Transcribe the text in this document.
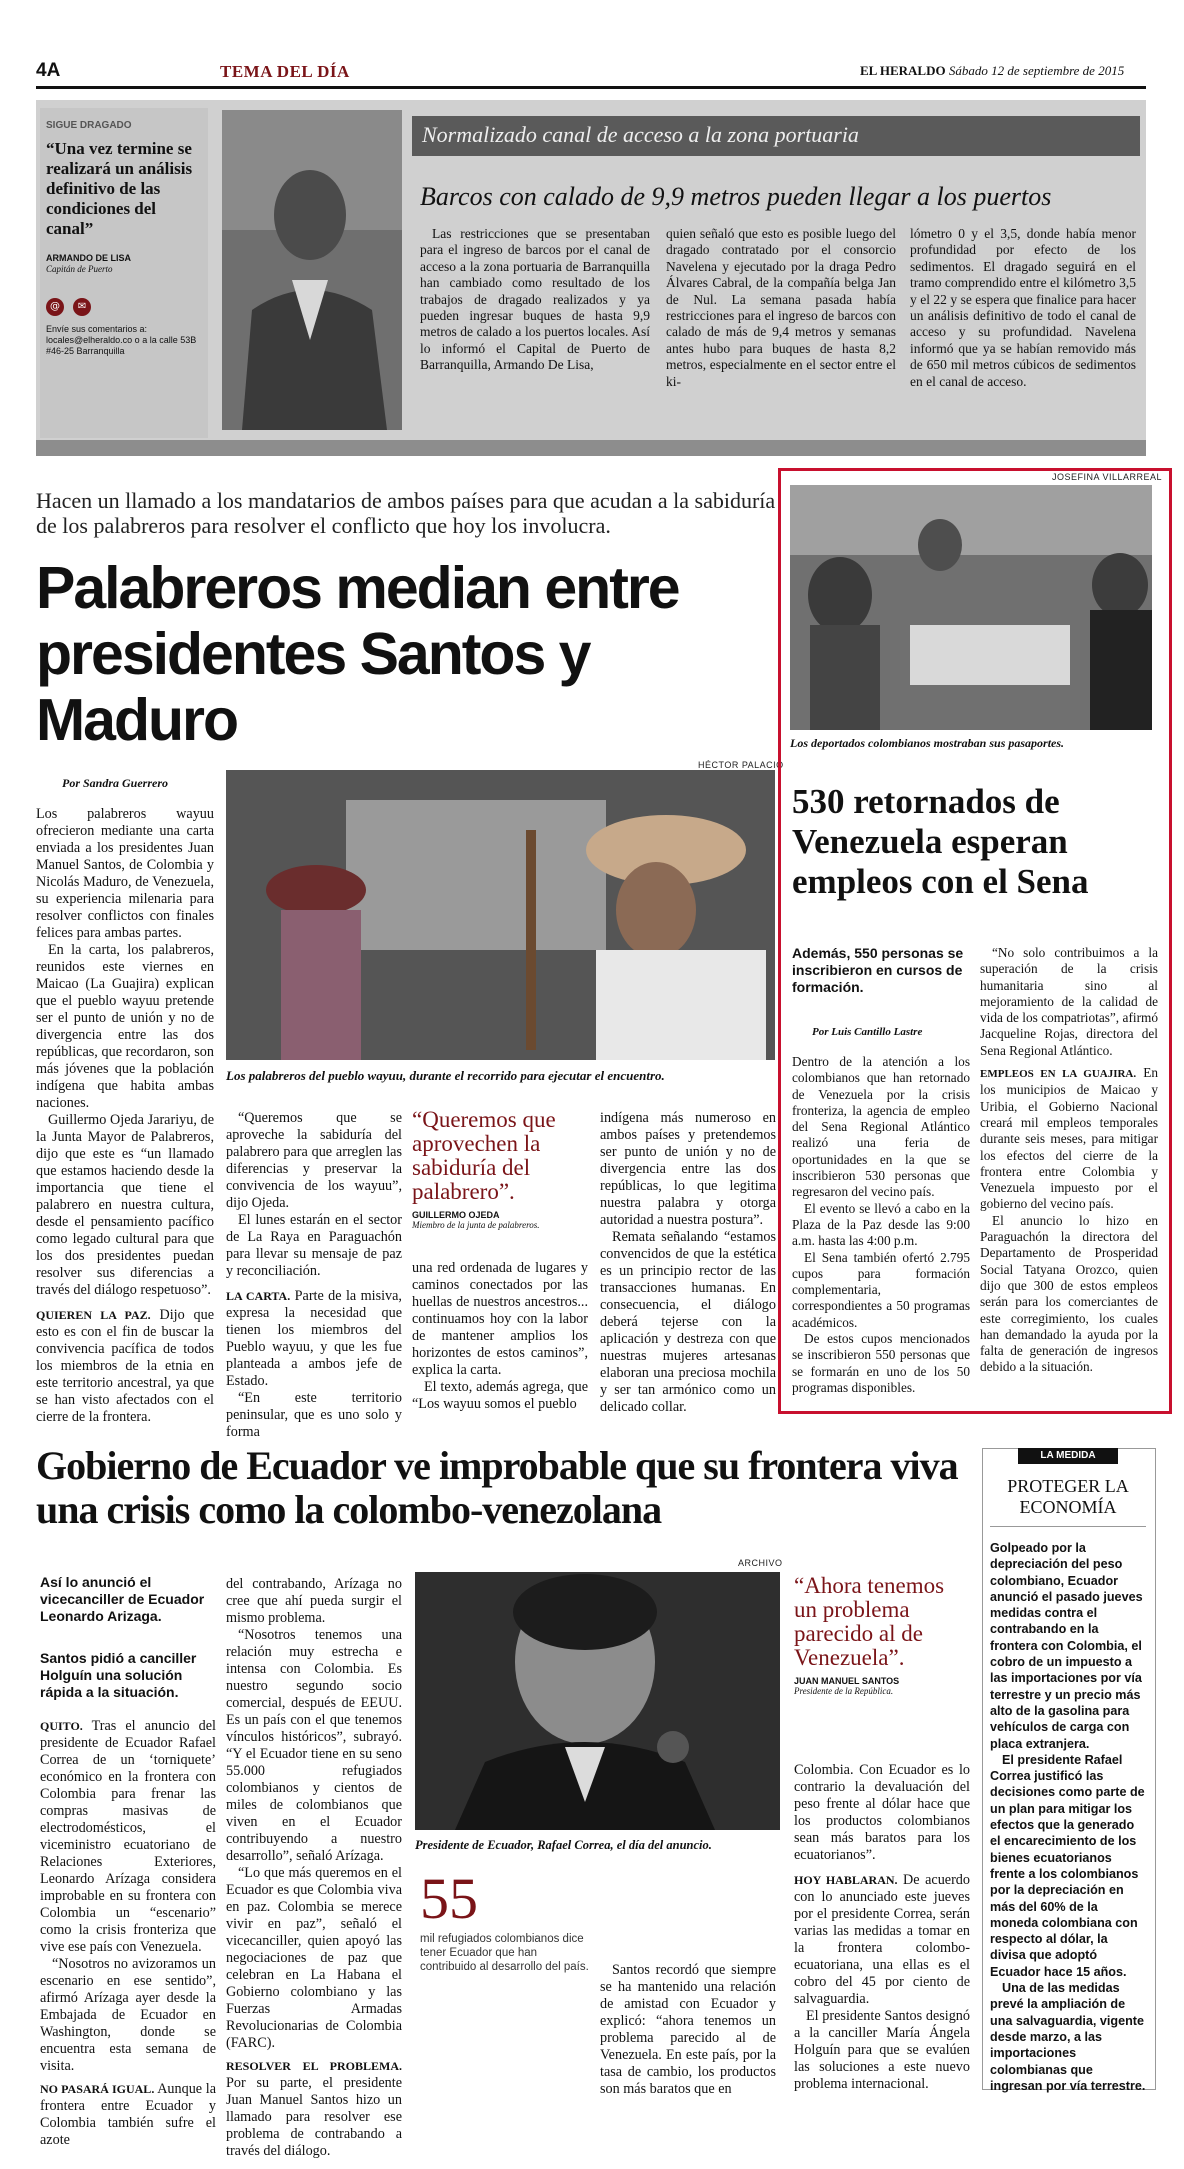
4A	TEMA DEL DÍA	EL HERALDO Sábado 12 de septiembre de 2015
SIGUE DRAGADO
“Una vez termine se realizará un análisis definitivo de las condiciones del canal”
ARMANDO DE LISA
Capitán de Puerto
@ ✉
Envíe sus comentarios a: locales@elheraldo.co o a la calle 53B #46-25 Barranquilla
Normalizado canal de acceso a la zona portuaria
Barcos con calado de 9,9 metros pueden llegar a los puertos

Las restricciones que se presentaban para el ingreso de barcos por el canal de acceso a la zona portuaria de Barranquilla han cambiado como resultado de los trabajos de dragado realizados y ya pueden ingresar buques de hasta 9,9 metros de calado a los puertos locales. Así lo informó el Capital de Puerto de Barranquilla, Armando De Lisa,

quien señaló que esto es posible luego del dragado contratado por el consorcio Navelena y ejecutado por la draga Pedro Álvares Cabral, de la compañía belga Jan de Nul. La semana pasada había restricciones para el ingreso de barcos con calado de más de 9,4 metros y semanas antes hubo para buques de hasta 8,2 metros, especialmente en el sector entre el ki-

lómetro 0 y el 3,5, donde había menor profundidad por efecto de los sedimentos. El dragado seguirá en el tramo comprendido entre el kilómetro 3,5 y el 22 y se espera que finalice para hacer un análisis definitivo de todo el canal de acceso y su profundidad. Navelena informó que ya se habían removido más de 650 mil metros cúbicos de sedimentos en el canal de acceso.

Hacen un llamado a los mandatarios de ambos países para que acudan a la sabiduría de los palabreros para resolver el conflicto que hoy los involucra.
Palabreros median entre presidentes Santos y Maduro
Por Sandra Guerrero
HÉCTOR PALACIO
Los palabreros del pueblo wayuu, durante el recorrido para ejecutar el encuentro.

Los palabreros wayuu ofrecieron mediante una carta enviada a los presidentes Juan Manuel Santos, de Colombia y Nicolás Maduro, de Venezuela, su experiencia milenaria para resolver conflictos con finales felices para ambas partes.

En la carta, los palabreros, reunidos este viernes en Maicao (La Guajira) explican que el pueblo wayuu pretende ser el punto de unión y no de divergencia entre las dos repúblicas, que recordaron, son más jóvenes que la población indígena que habita ambas naciones.

Guillermo Ojeda Jarariyu, de la Junta Mayor de Palabreros, dijo que este es “un llamado que estamos haciendo desde la importancia que tiene el palabrero en nuestra cultura, desde el pensamiento pacífico como legado cultural para que los dos presidentes puedan resolver sus diferencias a través del diálogo respetuoso”.

QUIEREN LA PAZ. Dijo que esto es con el fin de buscar la convivencia pacífica de todos los miembros de la etnia en este territorio ancestral, ya que se han visto afectados con el cierre de la frontera.

“Queremos que se aproveche la sabiduría del palabrero para que arreglen las diferencias y preservar la convivencia de los wayuu”, dijo Ojeda.

El lunes estarán en el sector de La Raya en Paraguachón para llevar su mensaje de paz y reconciliación.

LA CARTA. Parte de la misiva, expresa la necesidad que tienen los miembros del Pueblo wayuu, y que les fue planteada a ambos jefe de Estado.

“En este territorio peninsular, que es uno solo y forma

“Queremos que aprovechen la sabiduría del palabrero”.
GUILLERMO OJEDA
Miembro de la junta de palabreros.

una red ordenada de lugares y caminos conectados por las huellas de nuestros ancestros... continuamos hoy con la labor de mantener amplios los horizontes de estos caminos”, explica la carta.

El texto, además agrega, que “Los wayuu somos el pueblo

indígena más numeroso en ambos países y pretendemos ser punto de unión y no de divergencia entre las dos repúblicas, lo que legitima nuestra palabra y otorga autoridad a nuestra postura”.

Remata señalando “estamos convencidos de que la estética es un principio rector de las transacciones humanas. En consecuencia, el diálogo deberá tejerse con la aplicación y destreza con que nuestras mujeres artesanas elaboran una preciosa mochila y ser tan armónico como un delicado collar.

JOSEFINA VILLARREAL
Los deportados colombianos mostraban sus pasaportes.
530 retornados de Venezuela esperan empleos con el Sena
Además, 550 personas se inscribieron en cursos de formación.
Por Luis Cantillo Lastre

Dentro de la atención a los colombianos que han retornado de Venezuela por la crisis fronteriza, la agencia de empleo del Sena Regional Atlántico realizó una feria de oportunidades en la que se inscribieron 530 personas que regresaron del vecino país.

El evento se llevó a cabo en la Plaza de la Paz desde las 9:00 a.m. hasta las 4:00 p.m.

El Sena también ofertó 2.795 cupos para formación complementaria, correspondientes a 50 programas académicos.

De estos cupos mencionados se inscribieron 550 personas que se formarán en uno de los 50 programas disponibles.

“No solo contribuimos a la superación de la crisis humanitaria sino al mejoramiento de la calidad de vida de los compatriotas”, afirmó Jacqueline Rojas, directora del Sena Regional Atlántico.

EMPLEOS EN LA GUAJIRA. En los municipios de Maicao y Uribia, el Gobierno Nacional creará mil empleos temporales durante seis meses, para mitigar los efectos del cierre de la frontera entre Colombia y Venezuela impuesto por el gobierno del vecino país.

El anuncio lo hizo en Paraguachón la directora del Departamento de Prosperidad Social Tatyana Orozco, quien dijo que 300 de estos empleos serán para los comerciantes de este corregimiento, los cuales han demandado la ayuda por la falta de generación de ingresos debido a la situación.

Gobierno de Ecuador ve improbable que su frontera viva una crisis como la colombo-venezolana
Así lo anunció el vicecanciller de Ecuador Leonardo Arizaga.
Santos pidió a canciller Holguín una solución rápida a la situación.

QUITO. Tras el anuncio del presidente de Ecuador Rafael Correa de un ‘torniquete’ económico en la frontera con Colombia para frenar las compras masivas de electrodomésticos, el viceministro ecuatoriano de Relaciones Exteriores, Leonardo Arízaga considera improbable en su frontera con Colombia un “escenario” como la crisis fronteriza que vive ese país con Venezuela.

“Nosotros no avizoramos un escenario en ese sentido”, afirmó Arízaga ayer desde la Embajada de Ecuador en Washington, donde se encuentra esta semana de visita.

NO PASARÁ IGUAL. Aunque la frontera entre Ecuador y Colombia también sufre el azote

del contrabando, Arízaga no cree que ahí pueda surgir el mismo problema.

“Nosotros tenemos una relación muy estrecha e intensa con Colombia. Es nuestro segundo socio comercial, después de EEUU. Es un país con el que tenemos vínculos históricos”, subrayó. “Y el Ecuador tiene en su seno 55.000 refugiados colombianos y cientos de miles de colombianos que viven en el Ecuador contribuyendo a nuestro desarrollo”, señaló Arízaga.

“Lo que más queremos en el Ecuador es que Colombia viva en paz. Colombia se merece vivir en paz”, señaló el vicecanciller, quien apoyó las negociaciones de paz que celebran en La Habana el Gobierno colombiano y las Fuerzas Armadas Revolucionarias de Colombia (FARC).

RESOLVER EL PROBLEMA. Por su parte, el presidente Juan Manuel Santos hizo un llamado para resolver ese problema de contrabando a través del diálogo.

ARCHIVO
Presidente de Ecuador, Rafael Correa, el día del anuncio.
55
mil refugiados colombianos dice tener Ecuador que han contribuido al desarrollo del país.	Santos recordó que siempre se ha mantenido una relación de amistad con Ecuador y explicó: “ahora tenemos un problema parecido al de Venezuela. En este país, por la tasa de cambio, los productos son más baratos que en

“Ahora tenemos un problema parecido al de Venezuela”.
JUAN MANUEL SANTOS
Presidente de la República.

Colombia. Con Ecuador es lo contrario la devaluación del peso frente al dólar hace que los productos colombianos sean más baratos para los ecuatorianos”.

HOY HABLARAN. De acuerdo con lo anunciado este jueves por el presidente Correa, serán varias las medidas a tomar en la frontera colombo-ecuatoriana, una ellas es el cobro del 45 por ciento de salvaguardia.

El presidente Santos designó a la canciller María Ángela Holguín para que se evalúen las soluciones a este nuevo problema internacional.

LA MEDIDA
PROTEGER LA ECONOMÍA

Golpeado por la depreciación del peso colombiano, Ecuador anunció el pasado jueves medidas contra el contrabando en la frontera con Colombia, el cobro de un impuesto a las importaciones por vía terrestre y un precio más alto de la gasolina para vehículos de carga con placa extranjera.

El presidente Rafael Correa justificó las decisiones como parte de un plan para mitigar los efectos que la generado el encarecimiento de los bienes ecuatorianos frente a los colombianos por la depreciación en más del 60% de la moneda colombiana con respecto al dólar, la divisa que adoptó Ecuador hace 15 años.

Una de las medidas prevé la ampliación de una salvaguardia, vigente desde marzo, a las importaciones colombianas que ingresan por vía terrestre.
